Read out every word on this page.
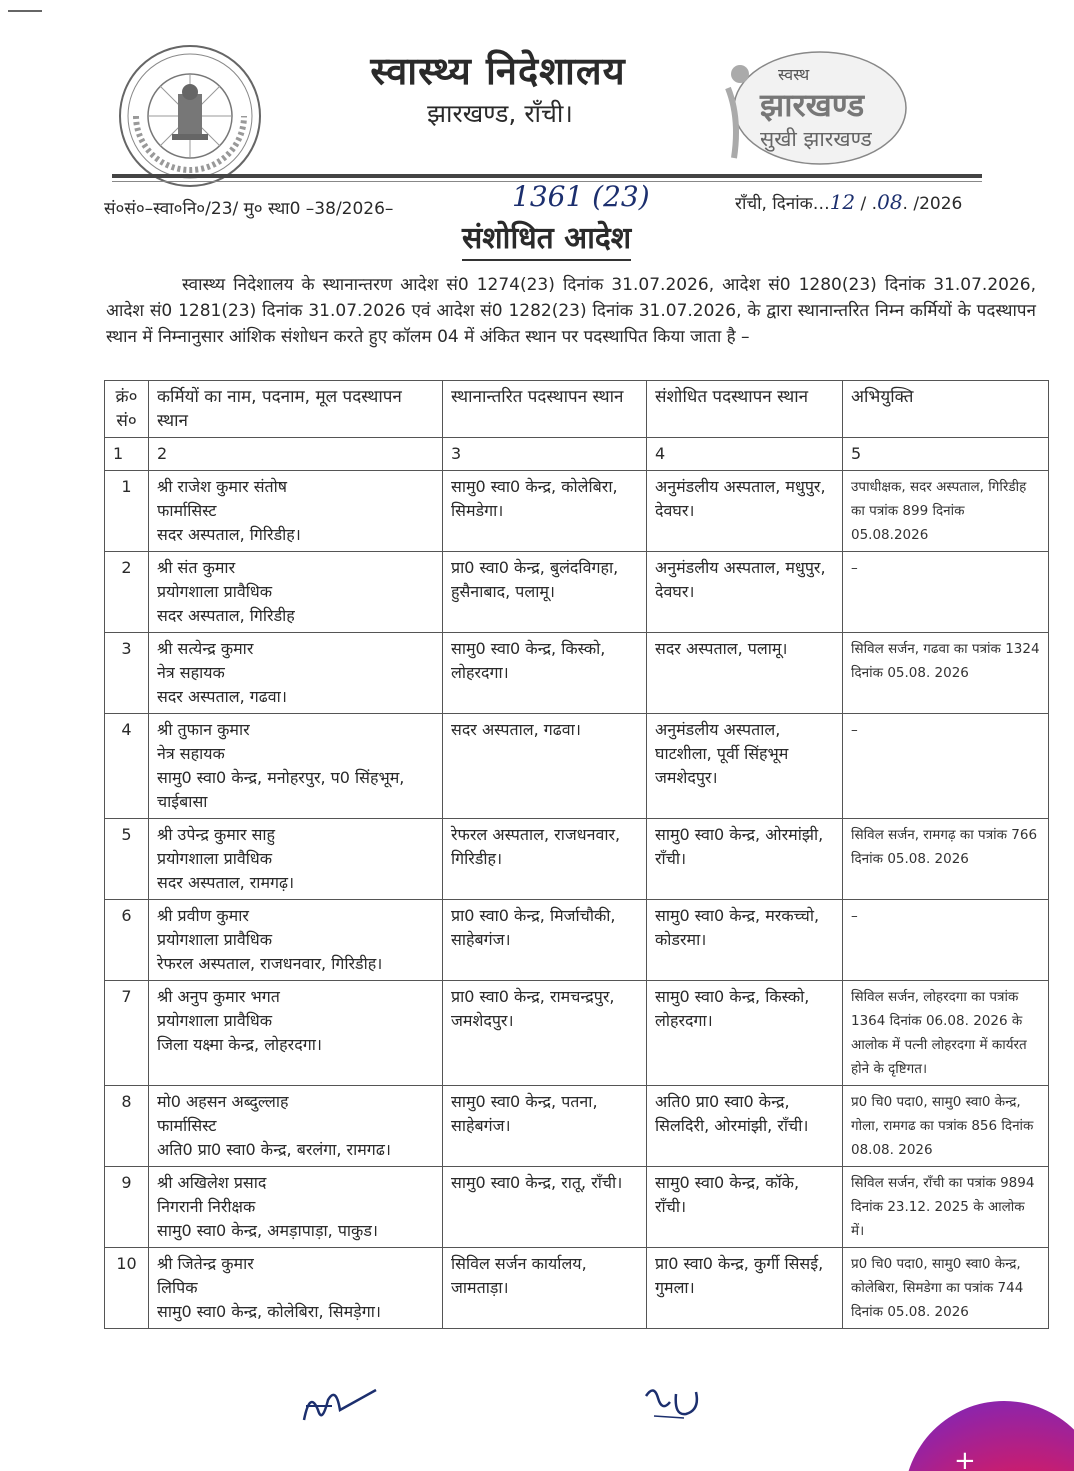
स्वास्थ्य निदेशालय
झारखण्ड, राँची।
स्वस्थ
झारखण्ड
सुखी झारखण्ड
सं०सं०–स्वा०नि०/23/ मु० स्था0 –38/2026–	1361 (23)	राँची, दिनांक…12 / .08. /2026
संशोधित आदेश
स्वास्थ्य निदेशालय के स्थानान्तरण आदेश सं0 1274(23) दिनांक 31.07.2026, आदेश सं0 1280(23) दिनांक 31.07.2026, आदेश सं0 1281(23) दिनांक 31.07.2026 एवं आदेश सं0 1282(23) दिनांक 31.07.2026, के द्वारा स्थानान्तरित निम्न कर्मियों के पदस्थापन स्थान में निम्नानुसार आंशिक संशोधन करते हुए कॉलम 04 में अंकित स्थान पर पदस्थापित किया जाता है –
क्रं० सं०	कर्मियों का नाम, पदनाम, मूल पदस्थापन स्थान	स्थानान्तरित पदस्थापन स्थान	संशोधित पदस्थापन स्थान	अभियुक्ति
1	2	3	4	5
1	श्री राजेश कुमार संतोष
फार्मासिस्ट
सदर अस्पताल, गिरिडीह।	सामु0 स्वा0 केन्द्र, कोलेबिरा, सिमडेगा।	अनुमंडलीय अस्पताल, मधुपुर, देवघर।	उपाधीक्षक, सदर अस्पताल, गिरिडीह का पत्रांक 899 दिनांक 05.08.2026
2	श्री संत कुमार
प्रयोगशाला प्रावैधिक
सदर अस्पताल, गिरिडीह	प्रा0 स्वा0 केन्द्र, बुलंदविगहा, हुसैनाबाद, पलामू।	अनुमंडलीय अस्पताल, मधुपुर, देवघर।	–
3	श्री सत्येन्द्र कुमार
नेत्र सहायक
सदर अस्पताल, गढवा।	सामु0 स्वा0 केन्द्र, किस्को, लोहरदगा।	सदर अस्पताल, पलामू।	सिविल सर्जन, गढवा का पत्रांक 1324 दिनांक 05.08. 2026
4	श्री तुफान कुमार
नेत्र सहायक
सामु0 स्वा0 केन्द्र, मनोहरपुर, प0 सिंहभूम, चाईबासा	सदर अस्पताल, गढवा।	अनुमंडलीय अस्पताल, घाटशीला, पूर्वी सिंहभूम जमशेदपुर।	–
5	श्री उपेन्द्र कुमार साहु
प्रयोगशाला प्रावैधिक
सदर अस्पताल, रामगढ़।	रेफरल अस्पताल, राजधनवार, गिरिडीह।	सामु0 स्वा0 केन्द्र, ओरमांझी, राँची।	सिविल सर्जन, रामगढ़ का पत्रांक 766 दिनांक 05.08. 2026
6	श्री प्रवीण कुमार
प्रयोगशाला प्रावैधिक
रेफरल अस्पताल, राजधनवार, गिरिडीह।	प्रा0 स्वा0 केन्द्र, मिर्जाचौकी, साहेबगंज।	सामु0 स्वा0 केन्द्र, मरकच्चो, कोडरमा।	–
7	श्री अनुप कुमार भगत
प्रयोगशाला प्रावैधिक
जिला यक्ष्मा केन्द्र, लोहरदगा।	प्रा0 स्वा0 केन्द्र, रामचन्द्रपुर, जमशेदपुर।	सामु0 स्वा0 केन्द्र, किस्को, लोहरदगा।	सिविल सर्जन, लोहरदगा का पत्रांक 1364 दिनांक 06.08. 2026 के आलोक में पत्नी लोहरदगा में कार्यरत होने के दृष्टिगत।
8	मो0 अहसन अब्दुल्लाह
फार्मासिस्ट
अति0 प्रा0 स्वा0 केन्द्र, बरलंगा, रामगढ।	सामु0 स्वा0 केन्द्र, पतना, साहेबगंज।	अति0 प्रा0 स्वा0 केन्द्र, सिलदिरी, ओरमांझी, राँची।	प्र0 चि0 पदा0, सामु0 स्वा0 केन्द्र, गोला, रामगढ का पत्रांक 856 दिनांक 08.08. 2026
9	श्री अखिलेश प्रसाद
निगरानी निरीक्षक
सामु0 स्वा0 केन्द्र, अमड़ापाड़ा, पाकुड।	सामु0 स्वा0 केन्द्र, रातू, राँची।	सामु0 स्वा0 केन्द्र, कॉके, राँची।	सिविल सर्जन, राँची का पत्रांक 9894 दिनांक 23.12. 2025 के आलोक में।
10	श्री जितेन्द्र कुमार
लिपिक
सामु0 स्वा0 केन्द्र, कोलेबिरा, सिमड़ेगा।	सिविल सर्जन कार्यालय, जामताड़ा।	प्रा0 स्वा0 केन्द्र, कुर्गी सिसई, गुमला।	प्र0 चि0 पदा0, सामु0 स्वा0 केन्द्र, कोलेबिरा, सिमडेगा का पत्रांक 744 दिनांक 05.08. 2026
+
